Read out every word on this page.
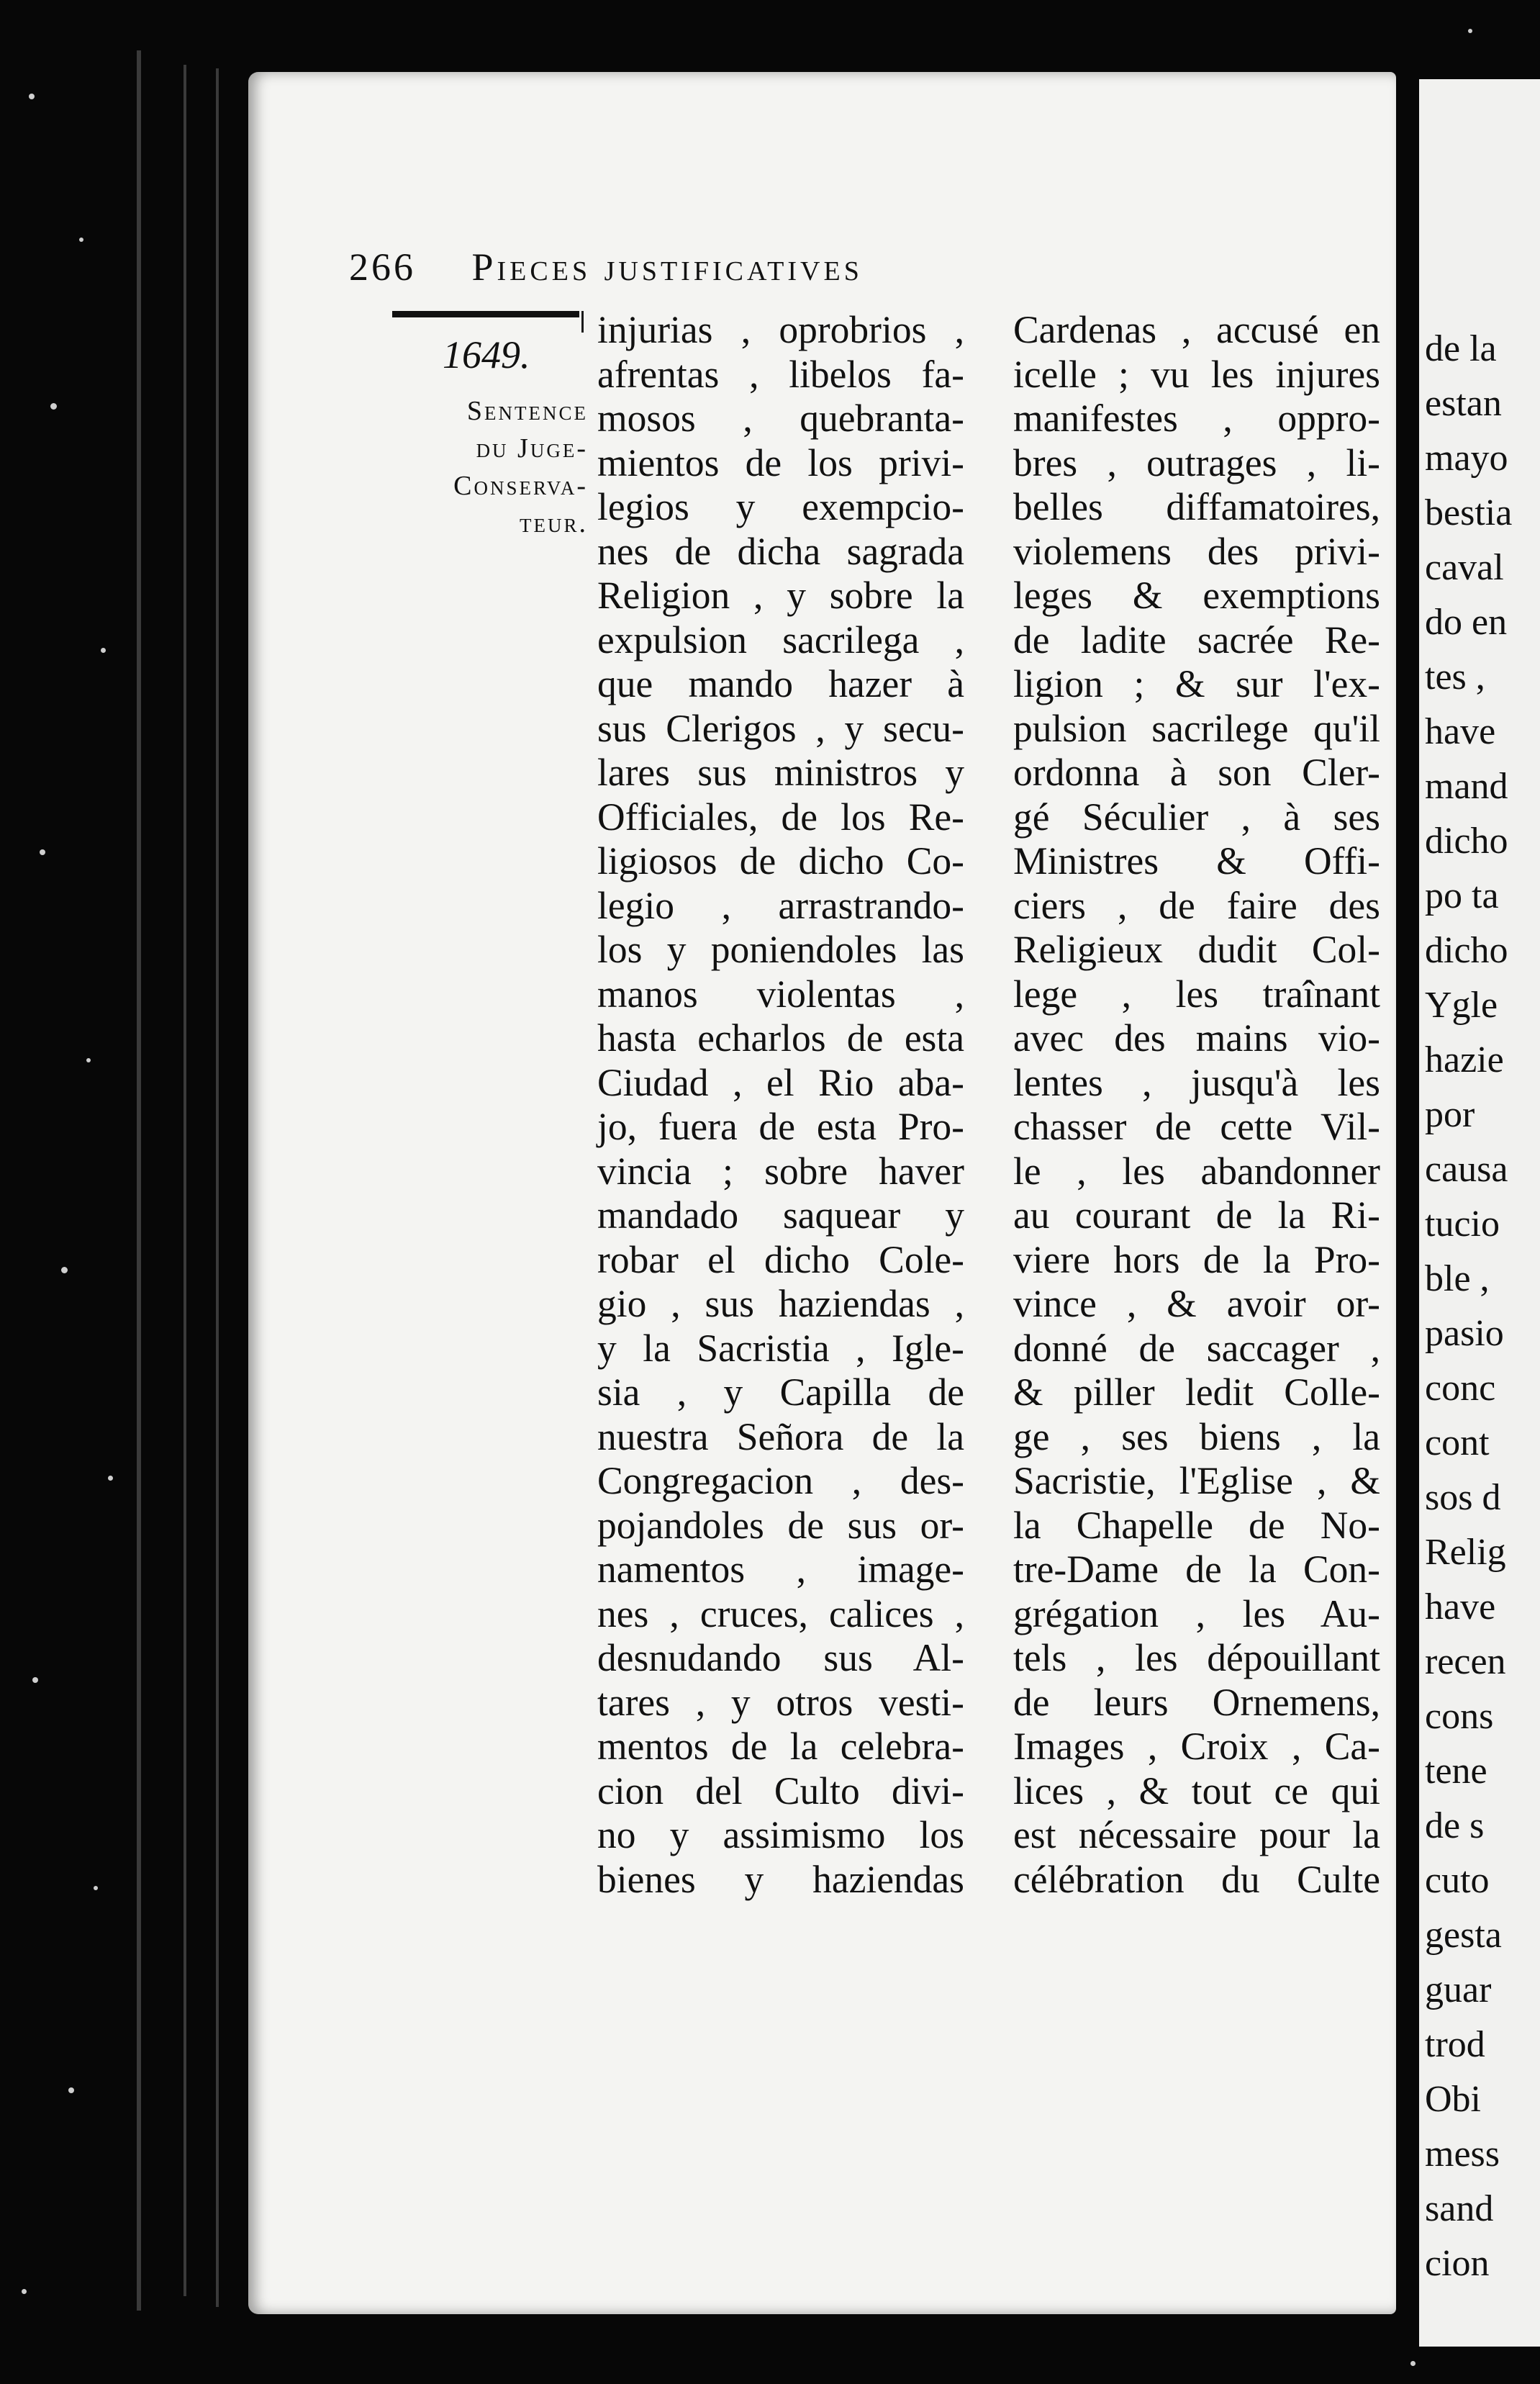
de la
estan
mayo
bestia
caval
do en
tes ,
have
mand
dicho
po ta
dicho
Ygle
hazie
por
causa
tucio
ble ,
pasio
conc
cont
sos d
Relig
have
recen
cons
tene
de s
cuto
gesta
guar
trod
Obi
mess
sand
cion
266 Pieces justificatives
1649.
Sentence
du Juge-
Conserva-
teur.
injurias , oprobrios ,
afrentas , libelos fa-
mosos , quebranta-
mientos de los privi-
legios y exempcio-
nes de dicha sagrada
Religion , y sobre la
expulsion sacrilega ,
que mando hazer à
sus Clerigos , y secu-
lares sus ministros y
Officiales, de los Re-
ligiosos de dicho Co-
legio , arrastrando-
los y poniendoles las
manos violentas ,
hasta echarlos de esta
Ciudad , el Rio aba-
jo, fuera de esta Pro-
vincia ; sobre haver
mandado saquear y
robar el dicho Cole-
gio , sus haziendas ,
y la Sacristia , Igle-
sia , y Capilla de
nuestra Señora de la
Congregacion , des-
pojandoles de sus or-
namentos , image-
nes , cruces, calices ,
desnudando sus Al-
tares , y otros vesti-
mentos de la celebra-
cion del Culto divi-
no y assimismo los
bienes y haziendas
Cardenas , accusé en
icelle ; vu les injures
manifestes , oppro-
bres , outrages , li-
belles diffamatoires,
violemens des privi-
leges & exemptions
de ladite sacrée Re-
ligion ; & sur l'ex-
pulsion sacrilege qu'il
ordonna à son Cler-
gé Séculier , à ses
Ministres & Offi-
ciers , de faire des
Religieux dudit Col-
lege , les traînant
avec des mains vio-
lentes , jusqu'à les
chasser de cette Vil-
le , les abandonner
au courant de la Ri-
viere hors de la Pro-
vince , & avoir or-
donné de saccager ,
& piller ledit Colle-
ge , ses biens , la
Sacristie, l'Eglise , &
la Chapelle de No-
tre-Dame de la Con-
grégation , les Au-
tels , les dépouillant
de leurs Ornemens,
Images , Croix , Ca-
lices , & tout ce qui
est nécessaire pour la
célébration du Culte
